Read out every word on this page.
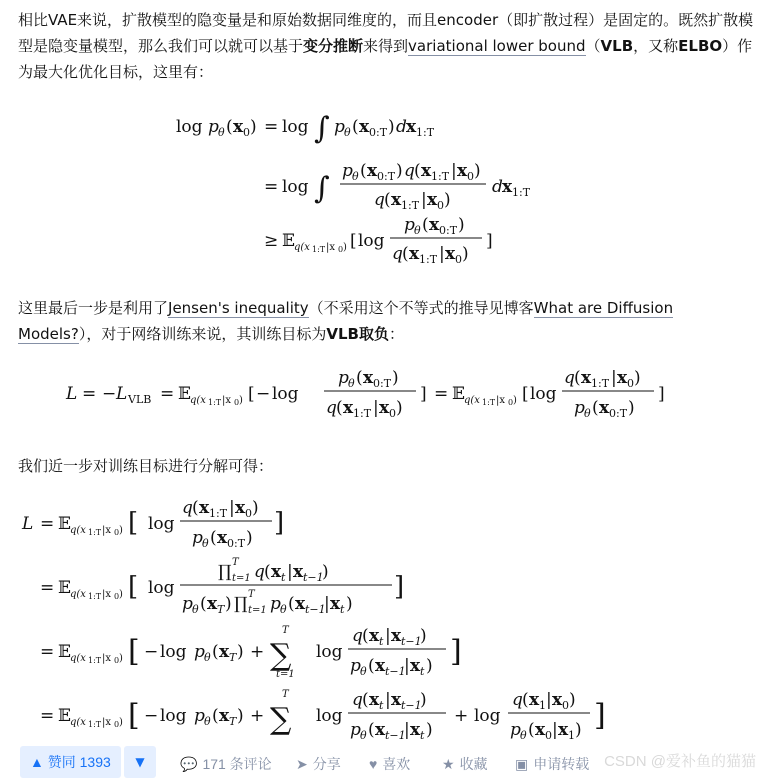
相比VAE来说，扩散模型的隐变量是和原始数据同维度的，而且encoder（即扩散过程）是固定的。既然扩散模型是隐变量模型，那么我们可以就可以基于变分推断来得到variational lower bound（VLB，又称ELBO）作为最大化优化目标，这里有：

log p θ ( x 0 ) = log ∫ p θ ( x 0:T ) d x 1:T
= log ∫ p θ ( x 0:T ) q ( x 1:T | x 0 )
q ( x 1:T | x 0 )
d x 1:T
≥ 𝔼 q(x 1:T |x 0 ) [ log
p θ ( x 0:T )
q ( x 1:T | x 0 )
]

这里最后一步是利用了Jensen's inequality（不采用这个不等式的推导见博客What are Diffusion Models?），对于网络训练来说，其训练目标为VLB取负：

L = − L VLB = 𝔼 q(x 1:T |x 0 ) [ − log
p θ ( x 0:T )
q ( x 1:T | x 0 )
] = 𝔼 q(x 1:T |x 0 ) [ log
q ( x 1:T | x 0 )
p θ ( x 0:T )
]

我们近一步对训练目标进行分解可得：

L = 𝔼 q(x 1:T |x 0 ) [ log
q ( x 1:T | x 0 )
p θ ( x 0:T ) ]
= 𝔼 q(x 1:T |x 0 ) [ log
∏ T
t=1 q ( x t | x t−1
)
p θ ( x T ) ∏ T
t=1 p θ ( x t−1
| x t )
]
= 𝔼 q(x 1:T |x 0 ) [ − log p θ ( x T ) + ∑
T
t=1
log
q ( x t | x t−1
)
p θ ( x t−1
| x t ) ]
= 𝔼 q(x 1:T |x 0 ) [ − log p θ ( x T ) + ∑
T
log
q ( x t | x t−1
)
p θ ( x t−1
| x t )
+ log
q ( x 1 | x 0 )
p θ ( x 0 | x 1 ) ]
▲ 赞同 1393 ▼	💬 171 条评论 ➤ 分享 ♥ 喜欢 ★ 收藏 ▣ 申请转载 CSDN @爱补鱼的猫猫
